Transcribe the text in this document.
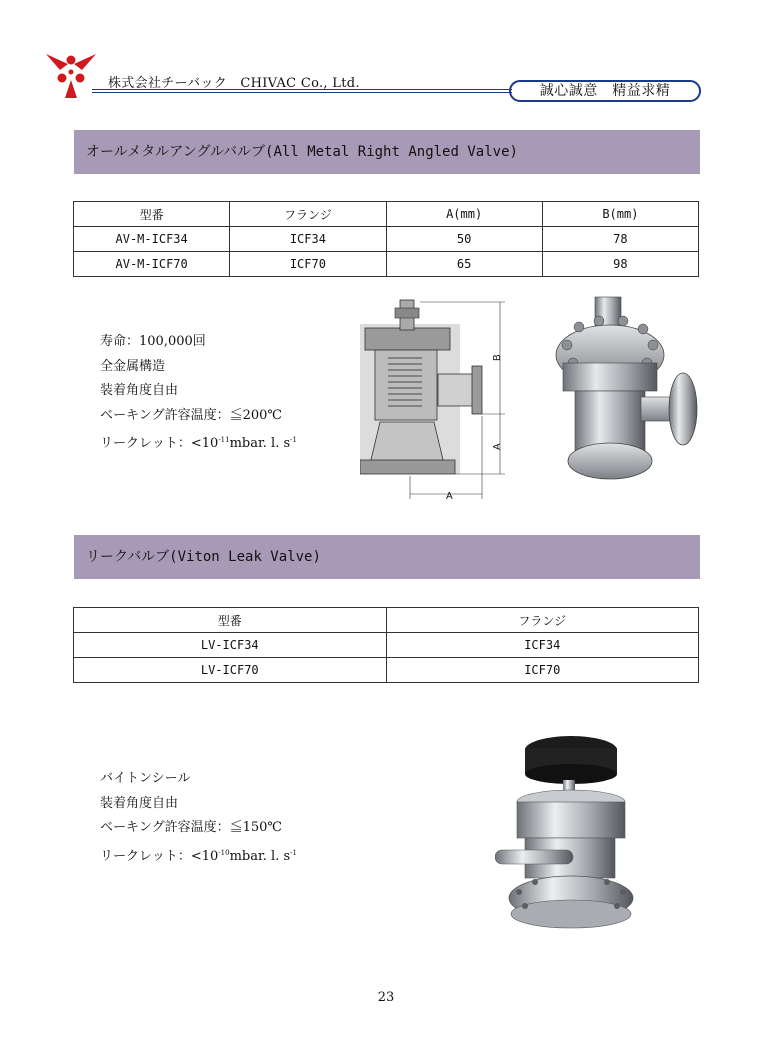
株式会社チーバック　CHIVAC Co., Ltd.	誠心誠意　精益求精
オールメタルアングルバルブ(All Metal Right Angled Valve)
型番	フランジ	A(mm)	B(mm)
AV-M-ICF34	ICF34	50	78
AV-M-ICF70	ICF70	65	98
寿命：100,000回
全金属構造
装着角度自由
ベーキング許容温度：≦200℃
リークレット：$<10^{-11}mbar$. l. $s^{-1}$
A
A
B
リークバルブ(Viton Leak Valve)
型番	フランジ
LV-ICF34	ICF34
LV-ICF70	ICF70
バイトンシール
装着角度自由
ベーキング許容温度：≦150℃
リークレット：$<10^{-10}mbar$. l. $s^{-1}$
23
